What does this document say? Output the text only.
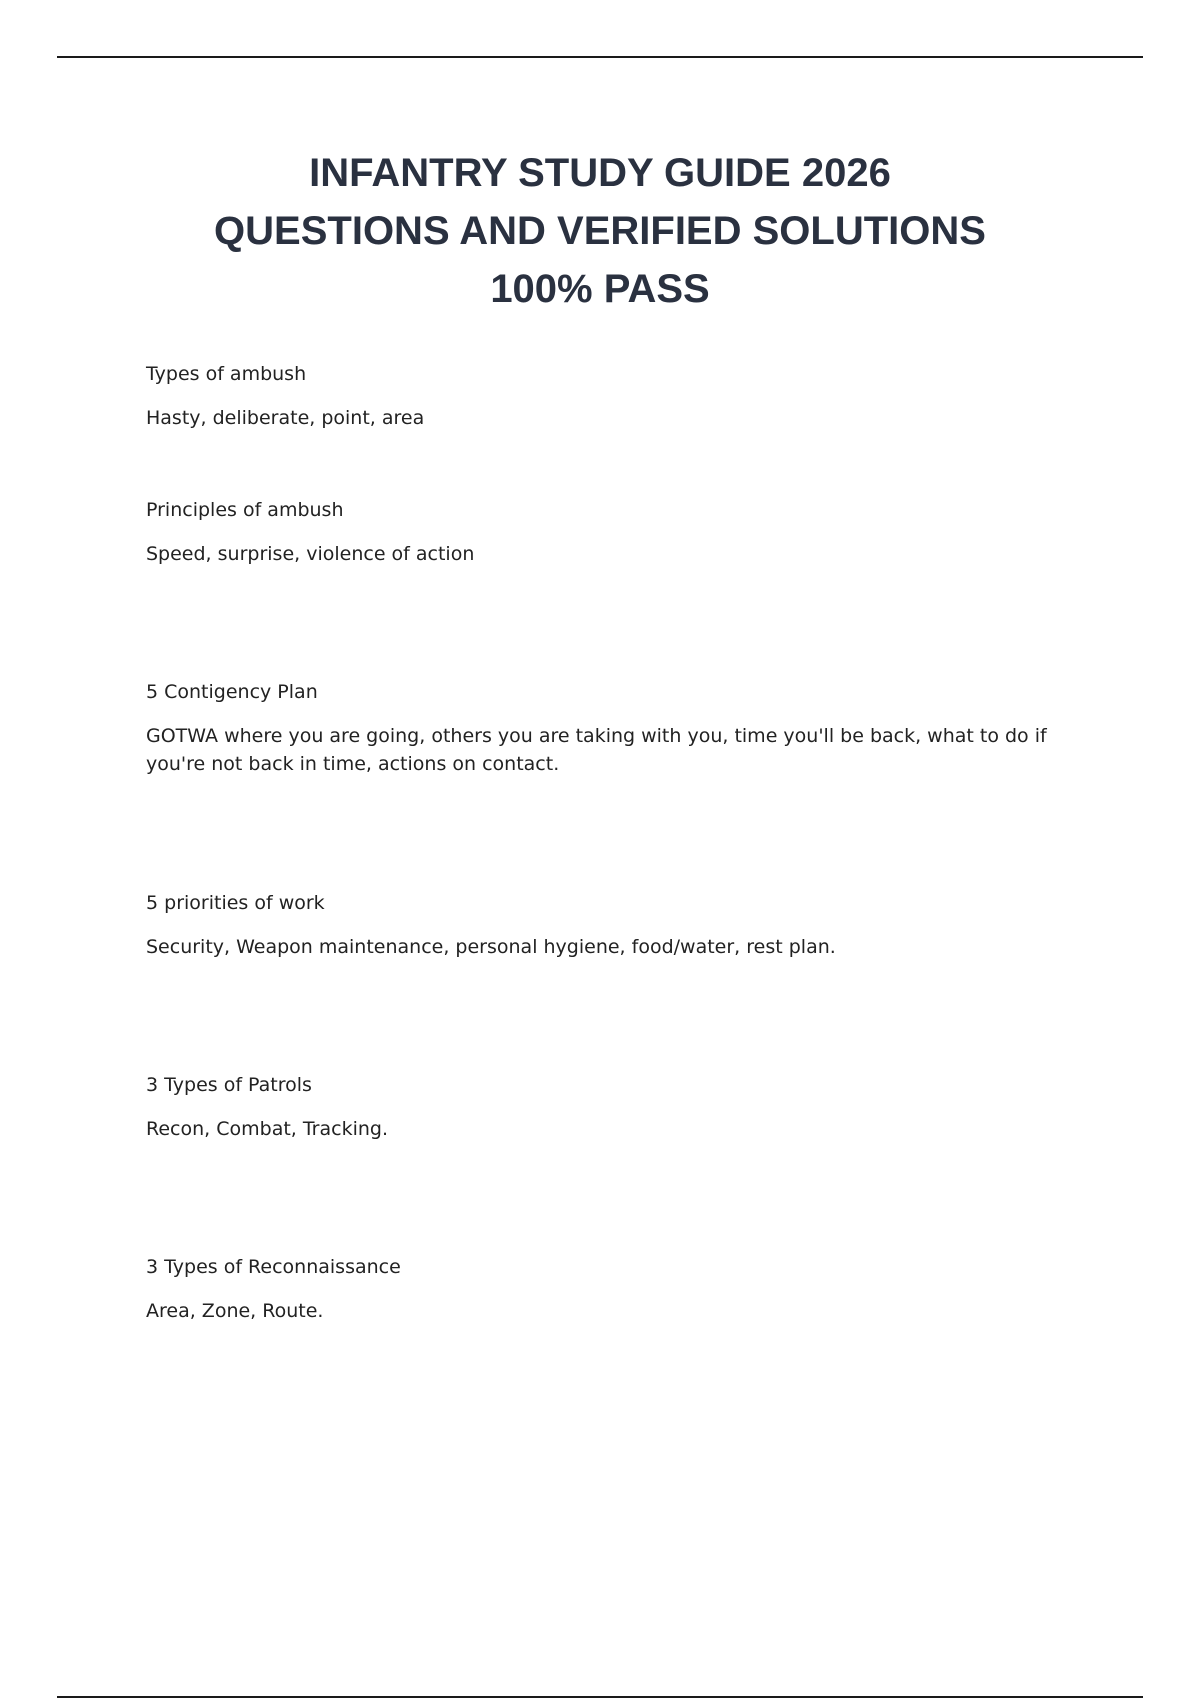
INFANTRY STUDY GUIDE 2026
QUESTIONS AND VERIFIED SOLUTIONS
100% PASS

Types of ambush

Hasty, deliberate, point, area

Principles of ambush

Speed, surprise, violence of action

5 Contigency Plan

GOTWA where you are going, others you are taking with you, time you'll be back, what to do if you're not back in time, actions on contact.

5 priorities of work

Security, Weapon maintenance, personal hygiene, food/water, rest plan.

3 Types of Patrols

Recon, Combat, Tracking.

3 Types of Reconnaissance

Area, Zone, Route.
